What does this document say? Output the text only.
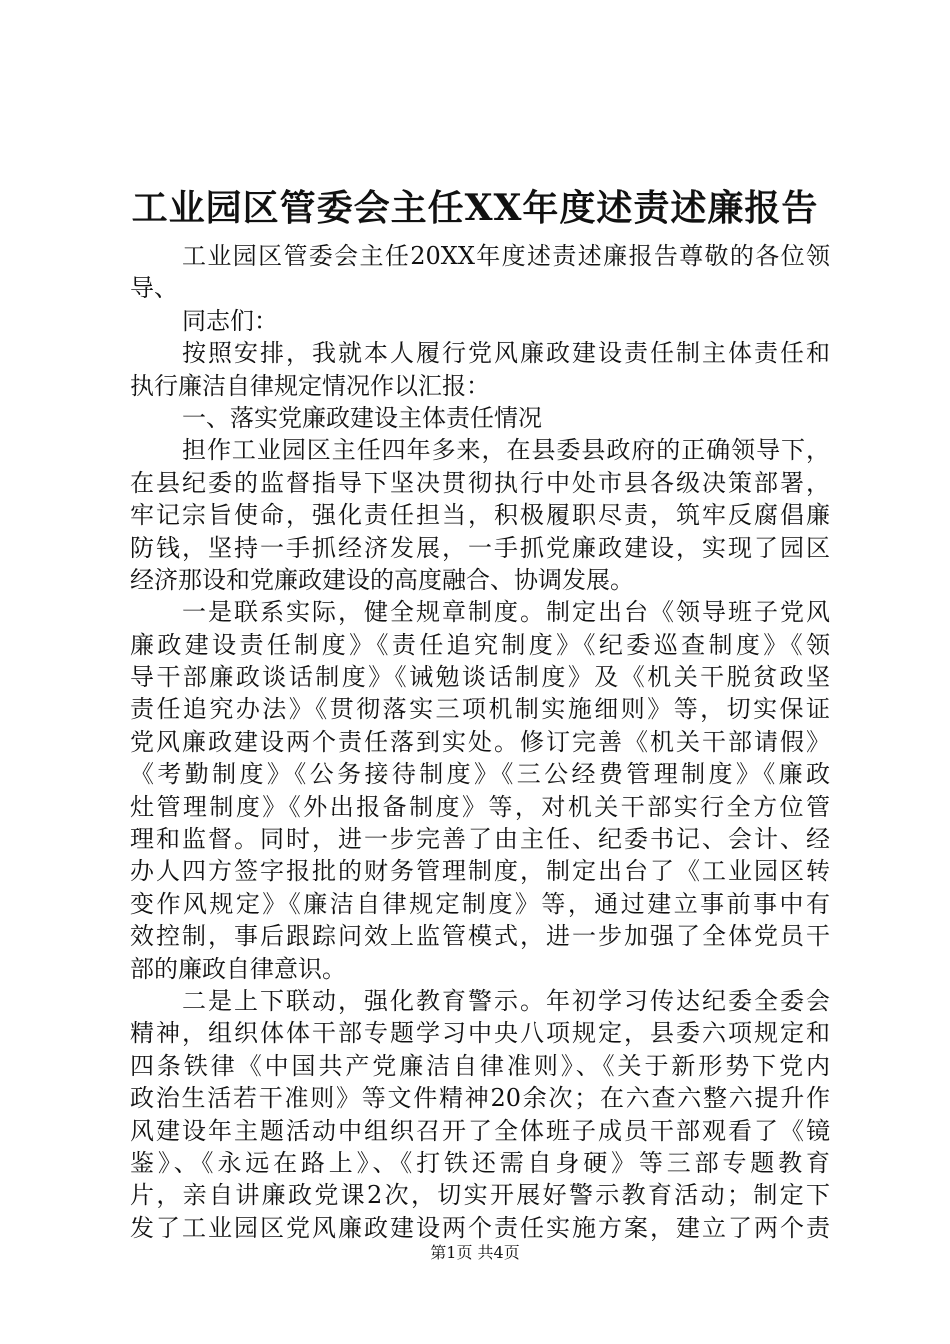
工业园区管委会主任XX年度述责述廉报告
工业园区管委会主任20XX年度述责述廉报告尊敬的各位领
导、
同志们：
按照安排，我就本人履行党风廉政建设责任制主体责任和
执行廉洁自律规定情况作以汇报：
一、落实党廉政建设主体责任情况
担作工业园区主任四年多来，在县委县政府的正确领导下，
在县纪委的监督指导下坚决贯彻执行中处市县各级决策部署，
牢记宗旨使命，强化责任担当，积极履职尽责，筑牢反腐倡廉
防钱，坚持一手抓经济发展，一手抓党廉政建设，实现了园区
经济那设和党廉政建设的高度融合、协调发展。
一是联系实际，健全规章制度。制定出台《领导班子党风
廉政建设责任制度》《责任追究制度》《纪委巡查制度》《领
导干部廉政谈话制度》《诫勉谈话制度》及《机关干脱贫政坚
责任追究办法》《贯彻落实三项机制实施细则》等，切实保证
党风廉政建设两个责任落到实处。修订完善《机关干部请假》
《考勤制度》《公务接待制度》《三公经费管理制度》《廉政
灶管理制度》《外出报备制度》等，对机关干部实行全方位管
理和监督。同时，进一步完善了由主任、纪委书记、会计、经
办人四方签字报批的财务管理制度，制定出台了《工业园区转
变作风规定》《廉洁自律规定制度》等，通过建立事前事中有
效控制，事后跟踪问效上监管模式，进一步加强了全体党员干
部的廉政自律意识。
二是上下联动，强化教育警示。年初学习传达纪委全委会
精神，组织体体干部专题学习中央八项规定，县委六项规定和
四条铁律《中国共产党廉洁自律准则》、《关于新形势下党内
政治生活若干准则》等文件精神20余次；在六查六整六提升作
风建设年主题活动中组织召开了全体班子成员干部观看了《镜
鉴》、《永远在路上》、《打铁还需自身硬》等三部专题教育
片，亲自讲廉政党课2次，切实开展好警示教育活动；制定下
发了工业园区党风廉政建设两个责任实施方案，建立了两个责
第1页 共4页
